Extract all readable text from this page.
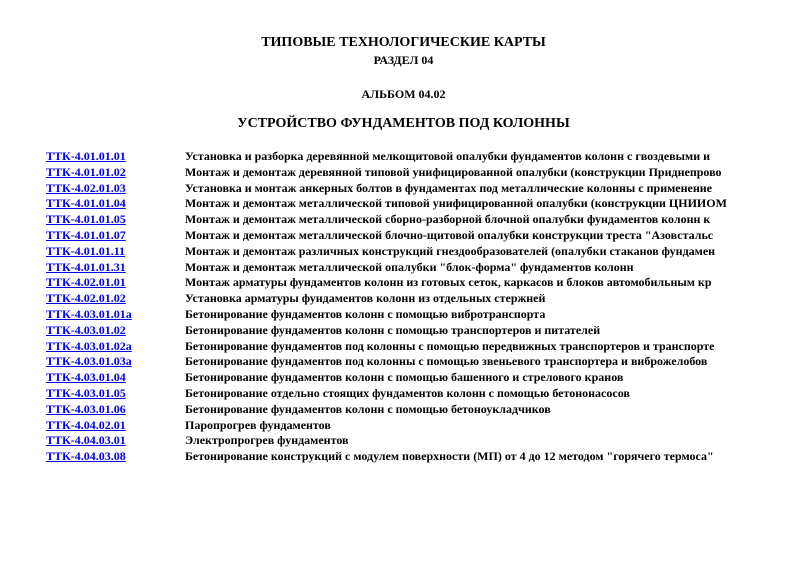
ТИПОВЫЕ ТЕХНОЛОГИЧЕСКИЕ КАРТЫ
РАЗДЕЛ 04
АЛЬБОМ 04.02
УСТРОЙСТВО ФУНДАМЕНТОВ ПОД КОЛОННЫ
ТТК-4.01.01.01	Установка и разборка деревянной мелкощитовой опалубки фундаментов колонн с гвоздевыми и
ТТК-4.01.01.02	Монтаж и демонтаж деревянной типовой унифицированной опалубки (конструкции Приднепрово
ТТК-4.02.01.03	Установка и монтаж анкерных болтов в фундаментах под металлические колонны с применение
ТТК-4.01.01.04	Монтаж и демонтаж металлической типовой унифицированной опалубки (конструкции ЦНИИОМ
ТТК-4.01.01.05	Монтаж и демонтаж металлической сборно-разборной блочной опалубки фундаментов колонн к
ТТК-4.01.01.07	Монтаж и демонтаж металлической блочно-щитовой опалубки конструкции треста "Азовстальс
ТТК-4.01.01.11	Монтаж и демонтаж различных конструкций гнездообразователей (опалубки стаканов фундамен
ТТК-4.01.01.31	Монтаж и демонтаж металлической опалубки "блок-форма" фундаментов колонн
ТТК-4.02.01.01	Монтаж арматуры фундаментов колонн из готовых сеток, каркасов и блоков автомобильным кр
ТТК-4.02.01.02	Установка арматуры фундаментов колонн из отдельных стержней
ТТК-4.03.01.01а	Бетонирование фундаментов колонн с помощью вибротранспорта
ТТК-4.03.01.02	Бетонирование фундаментов колонн с помощью транспортеров и питателей
ТТК-4.03.01.02а	Бетонирование фундаментов под колонны с помощью передвижных транспортеров и транспорте
ТТК-4.03.01.03а	Бетонирование фундаментов под колонны с помощью звеньевого транспортера и виброжелобов
ТТК-4.03.01.04	Бетонирование фундаментов колонн с помощью башенного и стрелового кранов
ТТК-4.03.01.05	Бетонирование отдельно стоящих фундаментов колонн с помощью бетононасосов
ТТК-4.03.01.06	Бетонирование фундаментов колонн с помощью бетоноукладчиков
ТТК-4.04.02.01	Паропрогрев фундаментов
ТТК-4.04.03.01	Электропрогрев фундаментов
ТТК-4.04.03.08	Бетонирование конструкций с модулем поверхности (МП) от 4 до 12 методом "горячего термоса"
